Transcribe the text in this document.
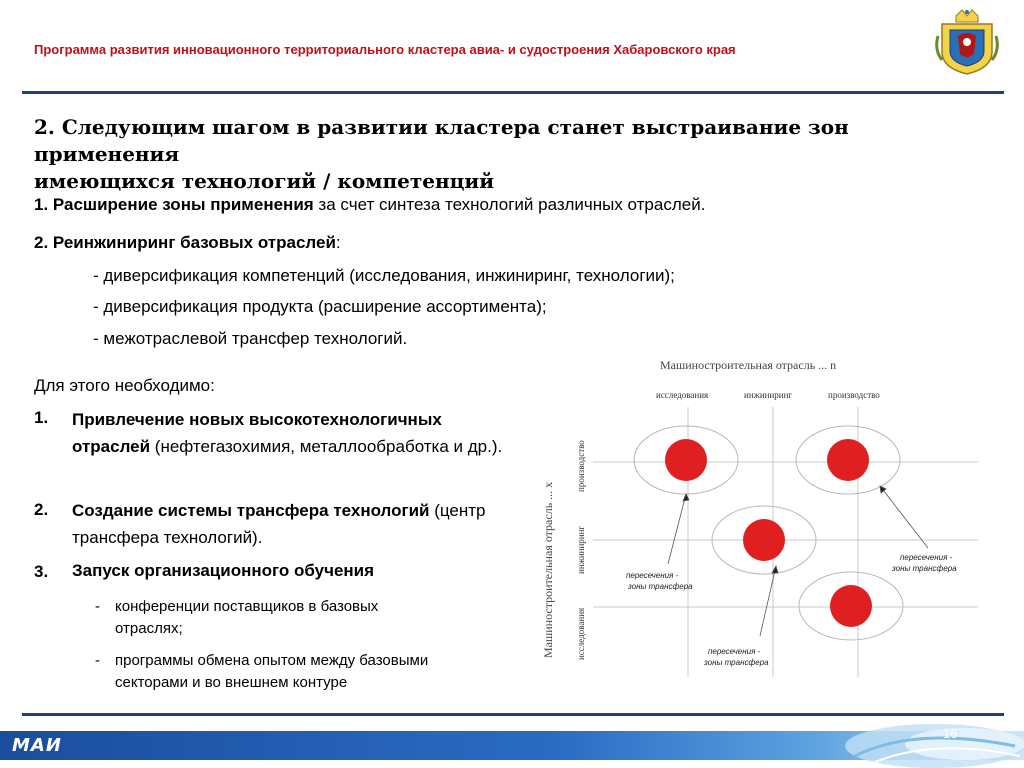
Программа развития инновационного территориального кластера авиа- и судостроения Хабаровского края
2. Следующим шагом в развитии кластера станет выстраивание зон применения
имеющихся технологий / компетенций
1. Расширение зоны применения за счет синтеза технологий различных отраслей.
2. Реинжиниринг базовых отраслей:
- диверсификация компетенций (исследования, инжиниринг, технологии);
- диверсификация продукта (расширение ассортимента);
- межотраслевой трансфер технологий.
Для этого необходимо:
1. Привлечение новых высокотехнологичных отраслей (нефтегазохимия, металлообработка и др.).
2. Создание системы трансфера технологий (центр трансфера технологий).
3. Запуск организационного обучения
- конференции поставщиков в базовых
отраслях;
- программы обмена опытом между базовыми
секторами и во внешнем контуре
Машиностроительная отрасль ... n
исследования	инжиниринг	производство
Машиностроительная отрасль ... х
производство
инжиниринг
исследования
пересечения -
зоны трансфера
пересечения -
зоны трансфера
пересечения -
зоны трансфера
МАИ
16
